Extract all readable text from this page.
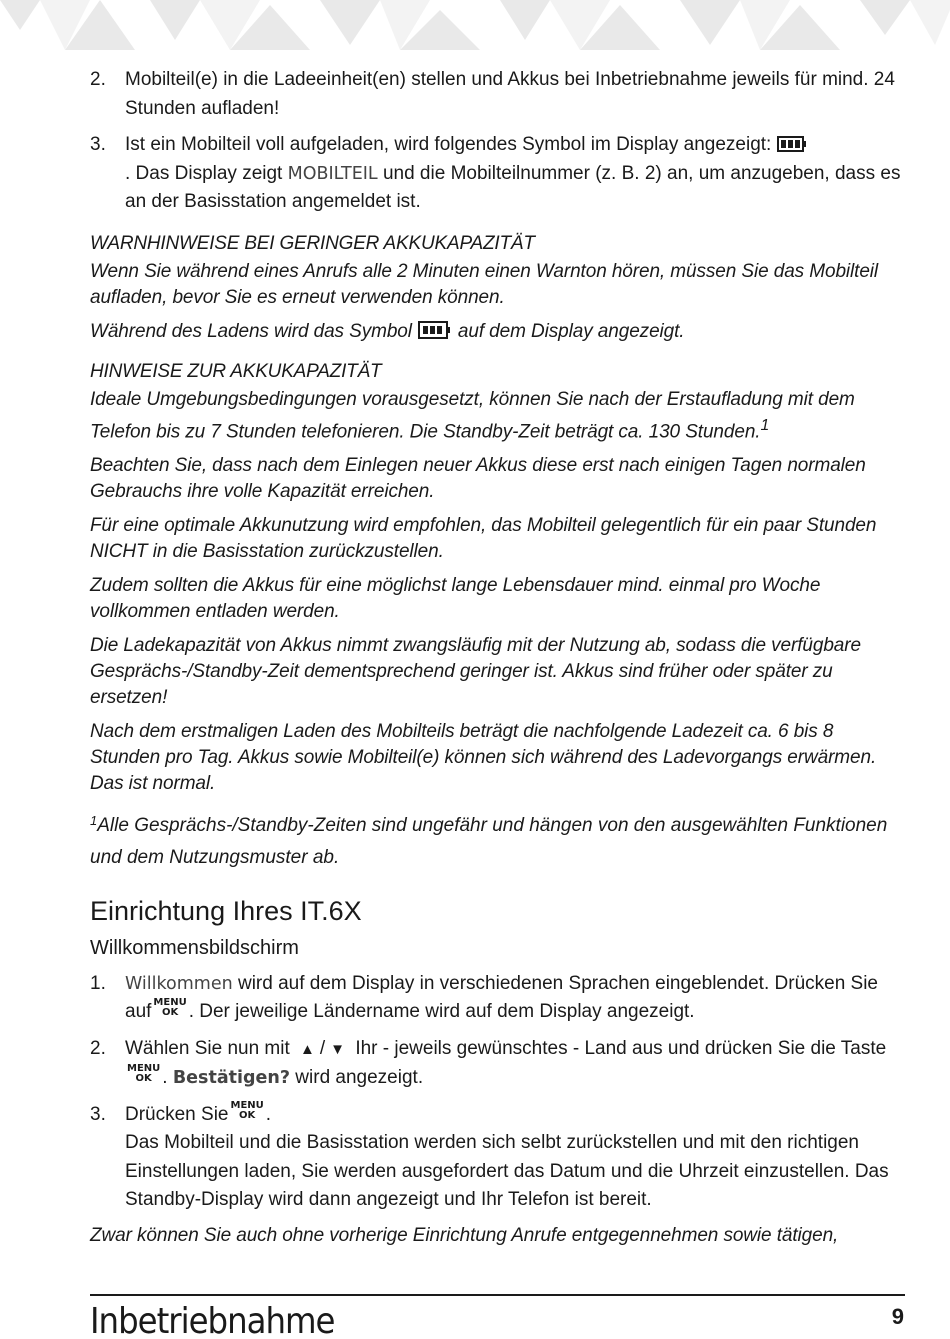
2. Mobilteil(e) in die Ladeeinheit(en) stellen und Akkus bei Inbetriebnahme jeweils für mind. 24 Stunden aufladen!
3. Ist ein Mobilteil voll aufgeladen, wird folgendes Symbol im Display angezeigt:
. Das Display zeigt MOBILTEIL und die Mobilteilnummer (z. B. 2) an, um anzugeben, dass es an der Basisstation angemeldet ist.
WARNHINWEISE BEI GERINGER AKKUKAPAZITÄT

Wenn Sie während eines Anrufs alle 2 Minuten einen Warnton hören, müssen Sie das Mobilteil aufladen, bevor Sie es erneut verwenden können.

Während des Ladens wird das Symbol auf dem Display angezeigt.

HINWEISE ZUR AKKUKAPAZITÄT

Ideale Umgebungsbedingungen vorausgesetzt, können Sie nach der Erstaufladung mit dem Telefon bis zu 7 Stunden telefonieren. Die Standby-Zeit beträgt ca. 130 Stunden.$^1$

Beachten Sie, dass nach dem Einlegen neuer Akkus diese erst nach einigen Tagen normalen Gebrauchs ihre volle Kapazität erreichen.

Für eine optimale Akkunutzung wird empfohlen, das Mobilteil gelegentlich für ein paar Stunden NICHT in die Basisstation zurückzustellen.

Zudem sollten die Akkus für eine möglichst lange Lebensdauer mind. einmal pro Woche vollkommen entladen werden.

Die Ladekapazität von Akkus nimmt zwangsläufig mit der Nutzung ab, sodass die verfügbare Gesprächs-/Standby-Zeit dementsprechend geringer ist. Akkus sind früher oder später zu ersetzen!

Nach dem erstmaligen Laden des Mobilteils beträgt die nachfolgende Ladezeit ca. 6 bis 8 Stunden pro Tag. Akkus sowie Mobilteil(e) können sich während des Ladevorgangs erwärmen. Das ist normal.

$^1$Alle Gesprächs-/Standby-Zeiten sind ungefähr und hängen von den ausgewählten Funktionen und dem Nutzungsmuster ab.

Einrichtung Ihres IT.6X
Willkommensbildschirm
1. Willkommen wird auf dem Display in verschiedenen Sprachen eingeblendet. Drücken Sie auf MENU
OK . Der jeweilige Ländername wird auf dem Display angezeigt.
2. Wählen Sie nun mit ▲ / ▼ Ihr - jeweils gewünschtes - Land aus und drücken Sie die Taste
MENU
OK . Bestätigen? wird angezeigt.
3. Drücken Sie MENU
OK .
Das Mobilteil und die Basisstation werden sich selbt zurückstellen und mit den richtigen Einstellungen laden, Sie werden ausgefordert das Datum und die Uhrzeit einzustellen. Das Standby-Display wird dann angezeigt und Ihr Telefon ist bereit.

Zwar können Sie auch ohne vorherige Einrichtung Anrufe entgegennehmen sowie tätigen,

Inbetriebnahme	9
